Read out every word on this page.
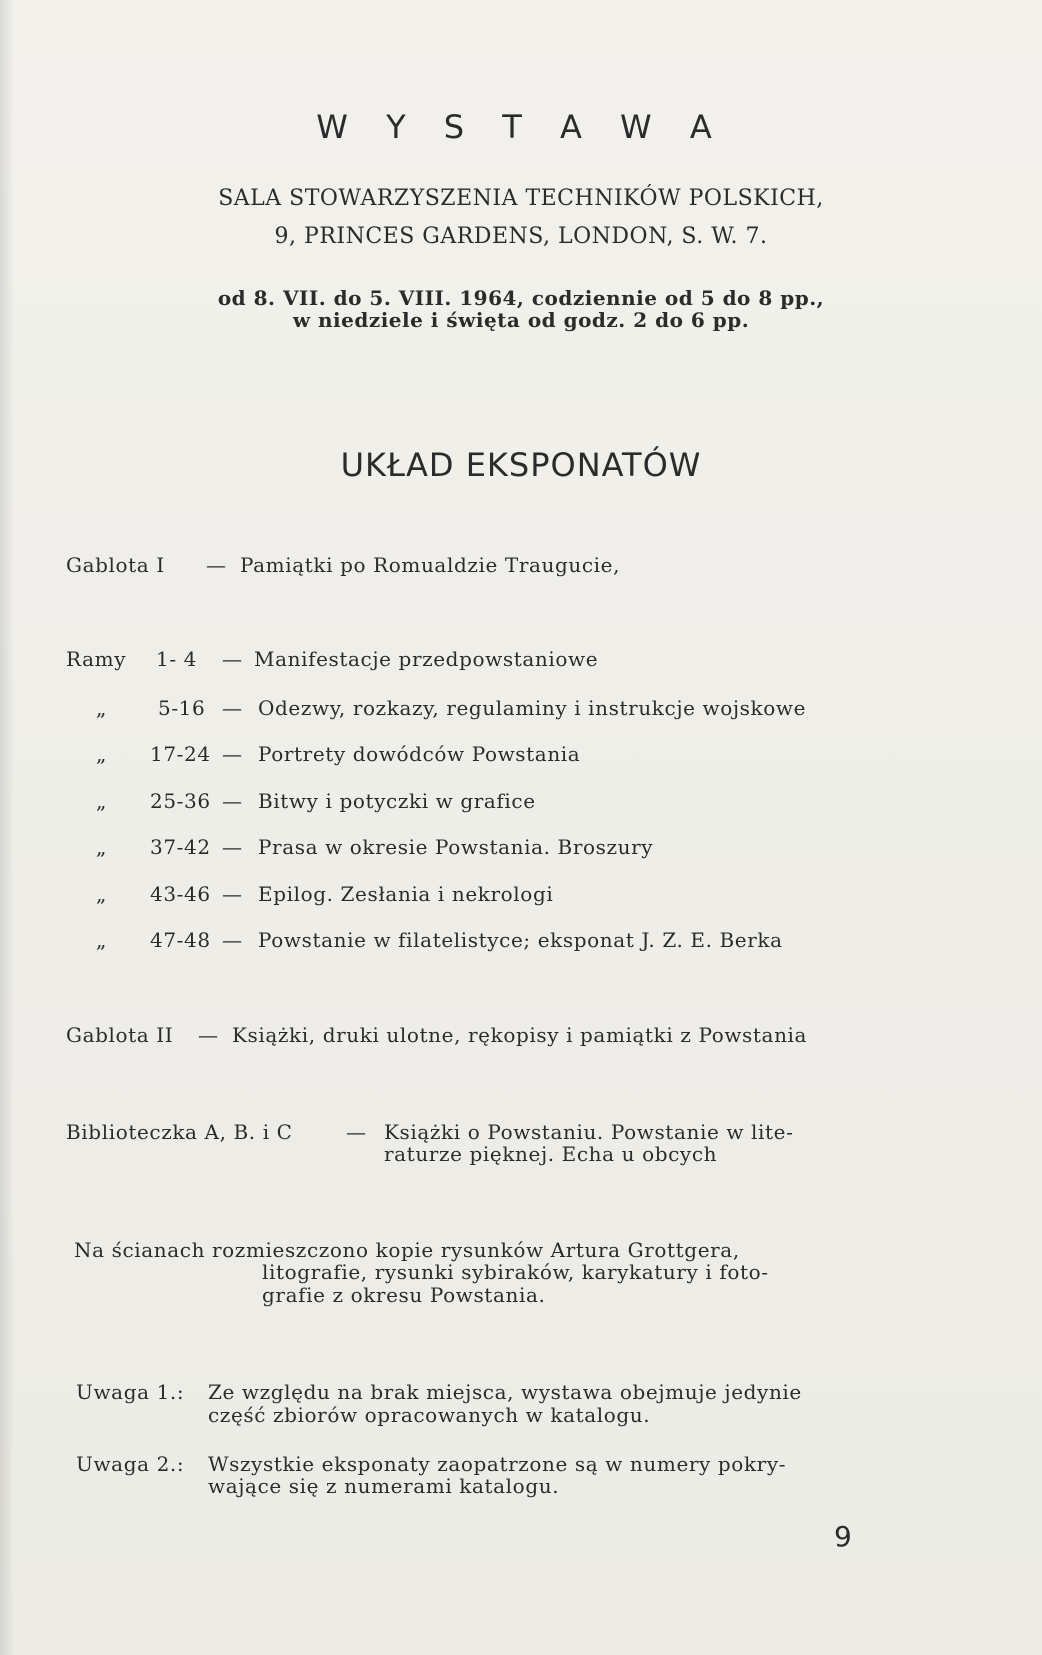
W Y S T A W A
SALA STOWARZYSZENIA TECHNIKÓW POLSKICH,
9, PRINCES GARDENS, LONDON, S. W. 7.
od 8. VII. do 5. VIII. 1964, codziennie od 5 do 8 pp.,
w niedziele i święta od godz. 2 do 6 pp.
UKŁAD EKSPONATÓW
Gablota I — Pamiątki po Romualdzie Traugucie,
Ramy 1- 4 — Manifestacje przedpowstaniowe
„	5-16 — Odezwy, rozkazy, regulaminy i instrukcje wojskowe
„ 17-24 — Portrety dowódców Powstania
„ 25-36 — Bitwy i potyczki w grafice
„ 37-42 — Prasa w okresie Powstania. Broszury
„ 43-46 — Epilog. Zesłania i nekrologi
„ 47-48 — Powstanie w filatelistyce; eksponat J. Z. E. Berka
Gablota II — Książki, druki ulotne, rękopisy i pamiątki z Powstania
Biblioteczka A, B. i C	— Książki o Powstaniu. Powstanie w lite-
raturze pięknej. Echa u obcych
Na ścianach rozmieszczono kopie rysunków Artura Grottgera,
litografie, rysunki sybiraków, karykatury i foto-
grafie z okresu Powstania.
Uwaga 1.: Ze względu na brak miejsca, wystawa obejmuje jedynie
część zbiorów opracowanych w katalogu.
Uwaga 2.: Wszystkie eksponaty zaopatrzone są w numery pokry-
wające się z numerami katalogu.
9
